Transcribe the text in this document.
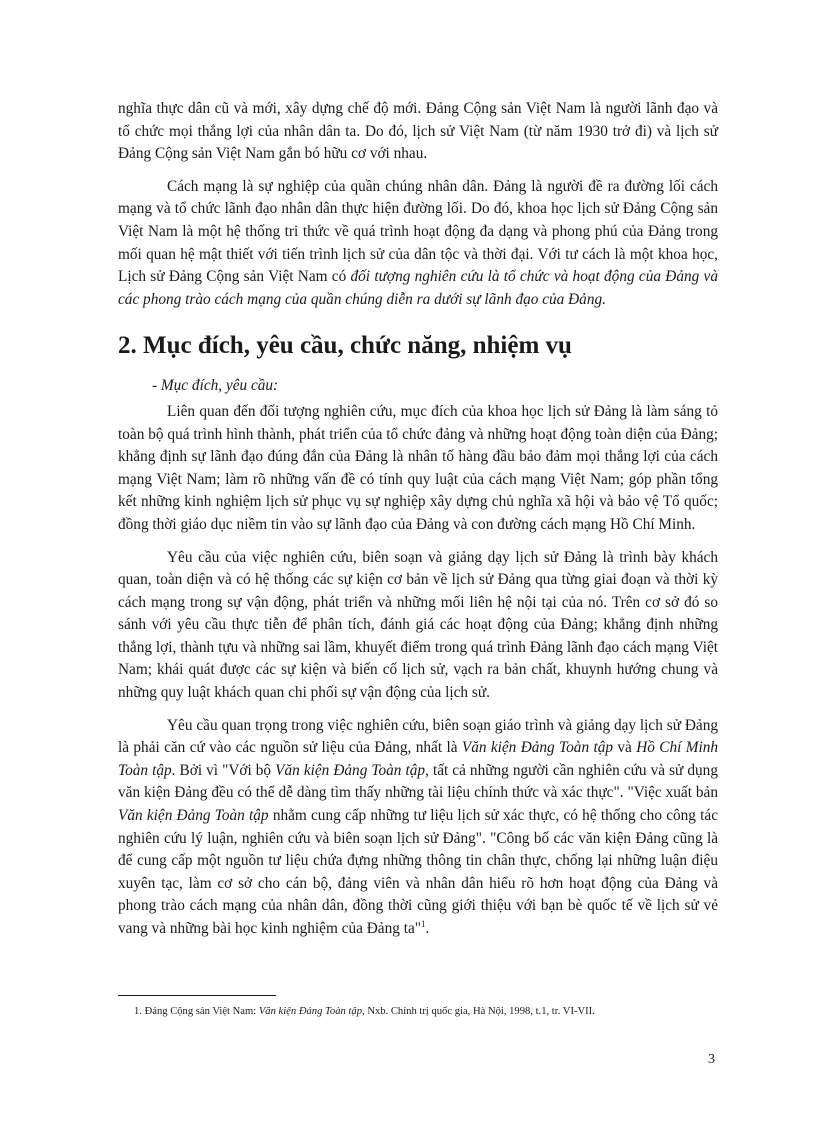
nghĩa thực dân cũ và mới, xây dựng chế độ mới. Đảng Cộng sản Việt Nam là người lãnh đạo và tổ chức mọi thắng lợi của nhân dân ta. Do đó, lịch sử Việt Nam (từ năm 1930 trở đi) và lịch sử Đảng Cộng sản Việt Nam gắn bó hữu cơ với nhau.

Cách mạng là sự nghiệp của quần chúng nhân dân. Đảng là người đề ra đường lối cách mạng và tổ chức lãnh đạo nhân dân thực hiện đường lối. Do đó, khoa học lịch sử Đảng Cộng sản Việt Nam là một hệ thống tri thức về quá trình hoạt động đa dạng và phong phú của Đảng trong mối quan hệ mật thiết với tiến trình lịch sử của dân tộc và thời đại. Với tư cách là một khoa học, Lịch sử Đảng Cộng sản Việt Nam có đối tượng nghiên cứu là tổ chức và hoạt động của Đảng và các phong trào cách mạng của quần chúng diễn ra dưới sự lãnh đạo của Đảng.

2. Mục đích, yêu cầu, chức năng, nhiệm vụ

- Mục đích, yêu cầu:

Liên quan đến đối tượng nghiên cứu, mục đích của khoa học lịch sử Đảng là làm sáng tỏ toàn bộ quá trình hình thành, phát triển của tổ chức đảng và những hoạt động toàn diện của Đảng; khẳng định sự lãnh đạo đúng đắn của Đảng là nhân tố hàng đầu bảo đảm mọi thắng lợi của cách mạng Việt Nam; làm rõ những vấn đề có tính quy luật của cách mạng Việt Nam; góp phần tổng kết những kinh nghiệm lịch sử phục vụ sự nghiệp xây dựng chủ nghĩa xã hội và bảo vệ Tổ quốc; đồng thời giáo dục niềm tin vào sự lãnh đạo của Đảng và con đường cách mạng Hồ Chí Minh.

Yêu cầu của việc nghiên cứu, biên soạn và giảng dạy lịch sử Đảng là trình bày khách quan, toàn diện và có hệ thống các sự kiện cơ bản về lịch sử Đảng qua từng giai đoạn và thời kỳ cách mạng trong sự vận động, phát triển và những mối liên hệ nội tại của nó. Trên cơ sở đó so sánh với yêu cầu thực tiễn để phân tích, đánh giá các hoạt động của Đảng; khẳng định những thắng lợi, thành tựu và những sai lầm, khuyết điểm trong quá trình Đảng lãnh đạo cách mạng Việt Nam; khái quát được các sự kiện và biến cố lịch sử, vạch ra bản chất, khuynh hướng chung và những quy luật khách quan chi phối sự vận động của lịch sử.

Yêu cầu quan trọng trong việc nghiên cứu, biên soạn giáo trình và giảng dạy lịch sử Đảng là phải căn cứ vào các nguồn sử liệu của Đảng, nhất là Văn kiện Đảng Toàn tập và Hồ Chí Minh Toàn tập. Bởi vì "Với bộ Văn kiện Đảng Toàn tập, tất cả những người cần nghiên cứu và sử dụng văn kiện Đảng đều có thể dễ dàng tìm thấy những tài liệu chính thức và xác thực". "Việc xuất bản Văn kiện Đảng Toàn tập nhằm cung cấp những tư liệu lịch sử xác thực, có hệ thống cho công tác nghiên cứu lý luận, nghiên cứu và biên soạn lịch sử Đảng". "Công bố các văn kiện Đảng cũng là để cung cấp một nguồn tư liệu chứa đựng những thông tin chân thực, chống lại những luận điệu xuyên tạc, làm cơ sở cho cán bộ, đảng viên và nhân dân hiểu rõ hơn hoạt động của Đảng và phong trào cách mạng của nhân dân, đồng thời cũng giới thiệu với bạn bè quốc tế về lịch sử vẻ vang và những bài học kinh nghiệm của Đảng ta"$^1$.

1. Đảng Cộng sản Việt Nam: Văn kiện Đảng Toàn tập, Nxb. Chính trị quốc gia, Hà Nội, 1998, t.1, tr. VI-VII.
3
